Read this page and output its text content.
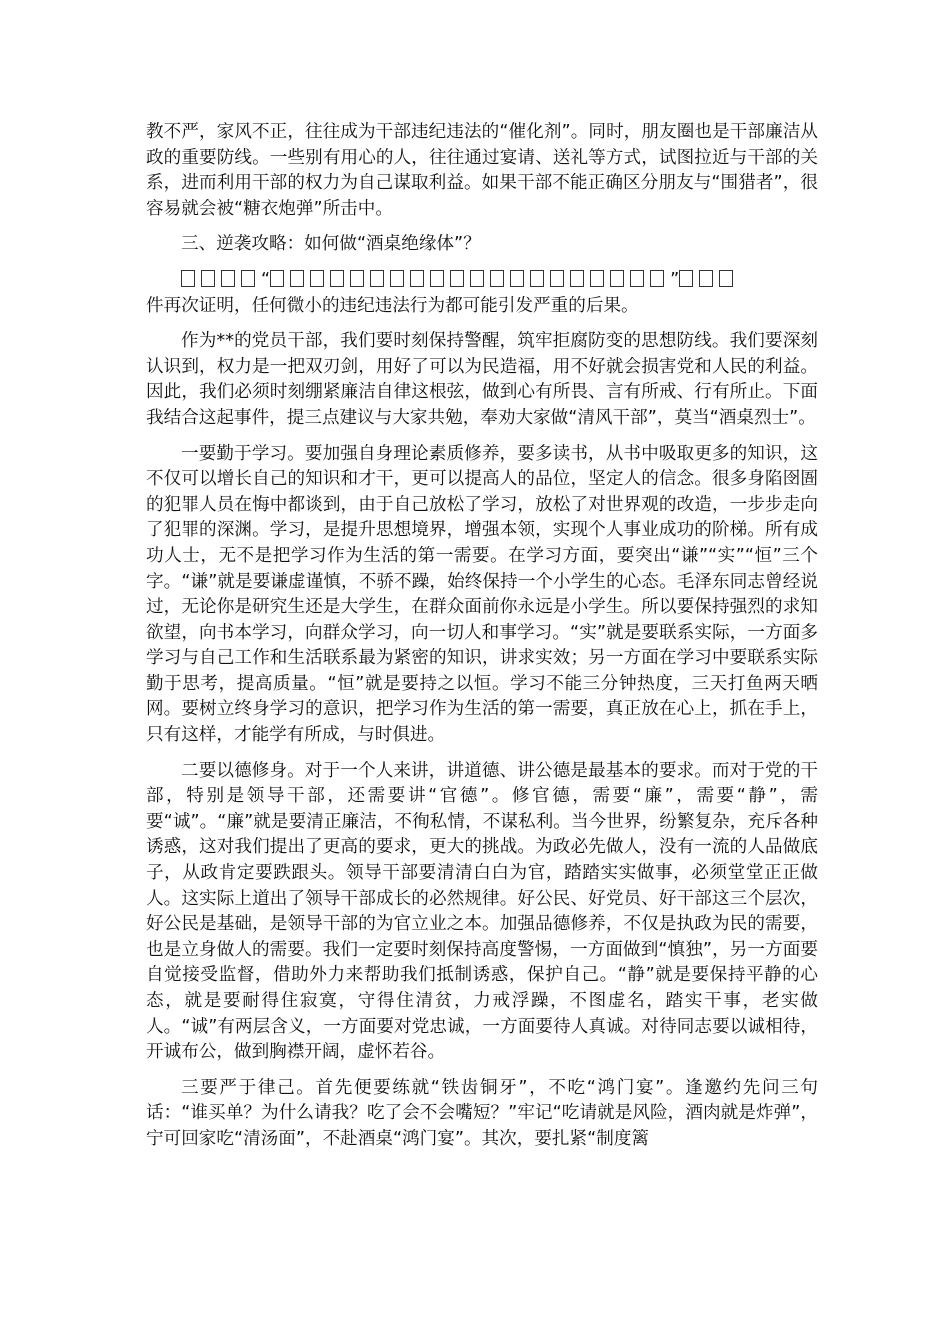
教不严，家风不正，往往成为干部违纪违法的“催化剂”。同时，朋友圈也是干部廉洁从政的重要防线。一些别有用心的人，往往通过宴请、送礼等方式，试图拉近与干部的关系，进而利用干部的权力为自己谋取利益。如果干部不能正确区分朋友与“围猎者”，很容易就会被“糖衣炮弹”所击中。

三、逆袭攻略：如何做“酒桌绝缘体”？

“	”
件再次证明，任何微小的违纪违法行为都可能引发严重的后果。

作为**的党员干部，我们要时刻保持警醒，筑牢拒腐防变的思想防线。我们要深刻认识到，权力是一把双刃剑，用好了可以为民造福，用不好就会损害党和人民的利益。因此，我们必须时刻绷紧廉洁自律这根弦，做到心有所畏、言有所戒、行有所止。下面我结合这起事件，提三点建议与大家共勉，奉劝大家做“清风干部”，莫当“酒桌烈士”。

一要勤于学习。要加强自身理论素质修养，要多读书，从书中吸取更多的知识，这不仅可以增长自己的知识和才干，更可以提高人的品位，坚定人的信念。很多身陷囹圄的犯罪人员在悔中都谈到，由于自己放松了学习，放松了对世界观的改造，一步步走向了犯罪的深渊。学习，是提升思想境界，增强本领，实现个人事业成功的阶梯。所有成功人士，无不是把学习作为生活的第一需要。在学习方面，要突出“谦”“实”“恒”三个字。“谦”就是要谦虚谨慎，不骄不躁，始终保持一个小学生的心态。毛泽东同志曾经说过，无论你是研究生还是大学生，在群众面前你永远是小学生。所以要保持强烈的求知欲望，向书本学习，向群众学习，向一切人和事学习。“实”就是要联系实际，一方面多学习与自己工作和生活联系最为紧密的知识，讲求实效；另一方面在学习中要联系实际勤于思考，提高质量。“恒”就是要持之以恒。学习不能三分钟热度，三天打鱼两天晒网。要树立终身学习的意识，把学习作为生活的第一需要，真正放在心上，抓在手上，只有这样，才能学有所成，与时俱进。

二要以德修身。对于一个人来讲，讲道德、讲公德是最基本的要求。而对于党的干部，特别是领导干部，还需要讲“官德”。修官德，需要“廉”，需要“静”，需要“诚”。“廉”就是要清正廉洁，不徇私情，不谋私利。当今世界，纷繁复杂，充斥各种诱惑，这对我们提出了更高的要求，更大的挑战。为政必先做人，没有一流的人品做底子，从政肯定要跌跟头。领导干部要清清白白为官，踏踏实实做事，必须堂堂正正做人。这实际上道出了领导干部成长的必然规律。好公民、好党员、好干部这三个层次，好公民是基础，是领导干部的为官立业之本。加强品德修养，不仅是执政为民的需要，也是立身做人的需要。我们一定要时刻保持高度警惕，一方面做到“慎独”，另一方面要自觉接受监督，借助外力来帮助我们抵制诱惑，保护自己。“静”就是要保持平静的心态，就是要耐得住寂寞，守得住清贫，力戒浮躁，不图虚名，踏实干事，老实做人。“诚”有两层含义，一方面要对党忠诚，一方面要待人真诚。对待同志要以诚相待，开诚布公，做到胸襟开阔，虚怀若谷。

三要严于律己。首先便要练就“铁齿铜牙”，不吃“鸿门宴”。逢邀约先问三句话：“谁买单？为什么请我？吃了会不会嘴短？”牢记“吃请就是风险，酒肉就是炸弹”，宁可回家吃“清汤面”，不赴酒桌“鸿门宴”。其次，要扎紧“制度篱
